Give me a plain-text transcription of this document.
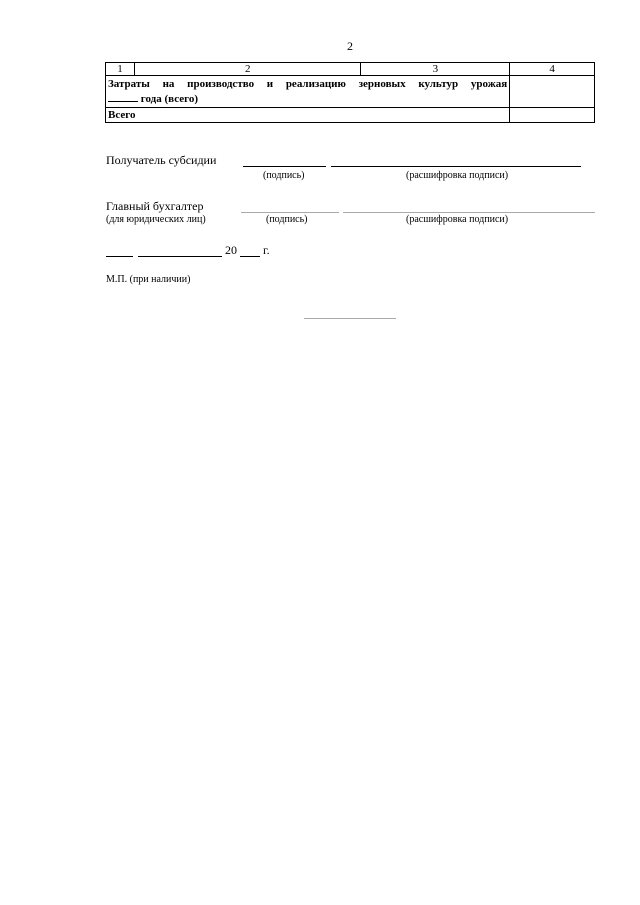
2
1	2	3	4

Затраты на производство и реализацию зерновых культур урожая
года (всего)			

Всего			
Получатель субсидии
(подпись)	(расшифровка подписи)
Главный бухгалтер
(для юридических лиц)	(подпись)	(расшифровка подписи)
20 г.
М.П. (при наличии)
